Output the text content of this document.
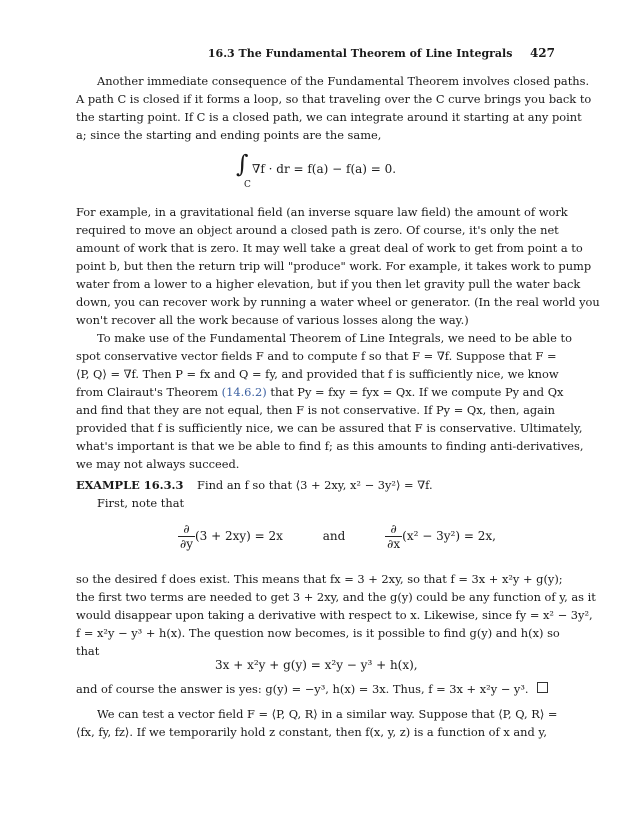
16.3 The Fundamental Theorem of Line Integrals 427
Another immediate consequence of the Fundamental Theorem involves closed paths.
A path C is closed if it forms a loop, so that traveling over the C curve brings you back to
the starting point. If C is a closed path, we can integrate around it starting at any point
a; since the starting and ending points are the same,
∫
C
∇f · dr = f(a) − f(a) = 0.
For example, in a gravitational field (an inverse square law field) the amount of work
required to move an object around a closed path is zero. Of course, it's only the net
amount of work that is zero. It may well take a great deal of work to get from point a to
point b, but then the return trip will "produce" work. For example, it takes work to pump
water from a lower to a higher elevation, but if you then let gravity pull the water back
down, you can recover work by running a water wheel or generator. (In the real world you
won't recover all the work because of various losses along the way.)
To make use of the Fundamental Theorem of Line Integrals, we need to be able to
spot conservative vector fields F and to compute f so that F = ∇f. Suppose that F =
⟨P, Q⟩ = ∇f. Then P = fx and Q = fy, and provided that f is sufficiently nice, we know
from Clairaut's Theorem (14.6.2) that Py = fxy = fyx = Qx. If we compute Py and Qx
and find that they are not equal, then F is not conservative. If Py = Qx, then, again
provided that f is sufficiently nice, we can be assured that F is conservative. Ultimately,
what's important is that we be able to find f; as this amounts to finding anti-derivatives,
we may not always succeed.
EXAMPLE 16.3.3 Find an f so that ⟨3 + 2xy, x² − 3y²⟩ = ∇f.
First, note that
$\frac{\partial}{\partial y} (3 + 2xy) = 2x$	and	$\frac{\partial}{\partial x} (x^2 - 3y^2) = 2x$,
so the desired f does exist. This means that fx = 3 + 2xy, so that f = 3x + x²y + g(y);
the first two terms are needed to get 3 + 2xy, and the g(y) could be any function of y, as it
would disappear upon taking a derivative with respect to x. Likewise, since fy = x² − 3y²,
f = x²y − y³ + h(x). The question now becomes, is it possible to find g(y) and h(x) so
that
3x + x²y + g(y) = x²y − y³ + h(x),
and of course the answer is yes: g(y) = −y³, h(x) = 3x. Thus, f = 3x + x²y − y³.
We can test a vector field F = ⟨P, Q, R⟩ in a similar way. Suppose that ⟨P, Q, R⟩ =
⟨fx, fy, fz⟩. If we temporarily hold z constant, then f(x, y, z) is a function of x and y,
